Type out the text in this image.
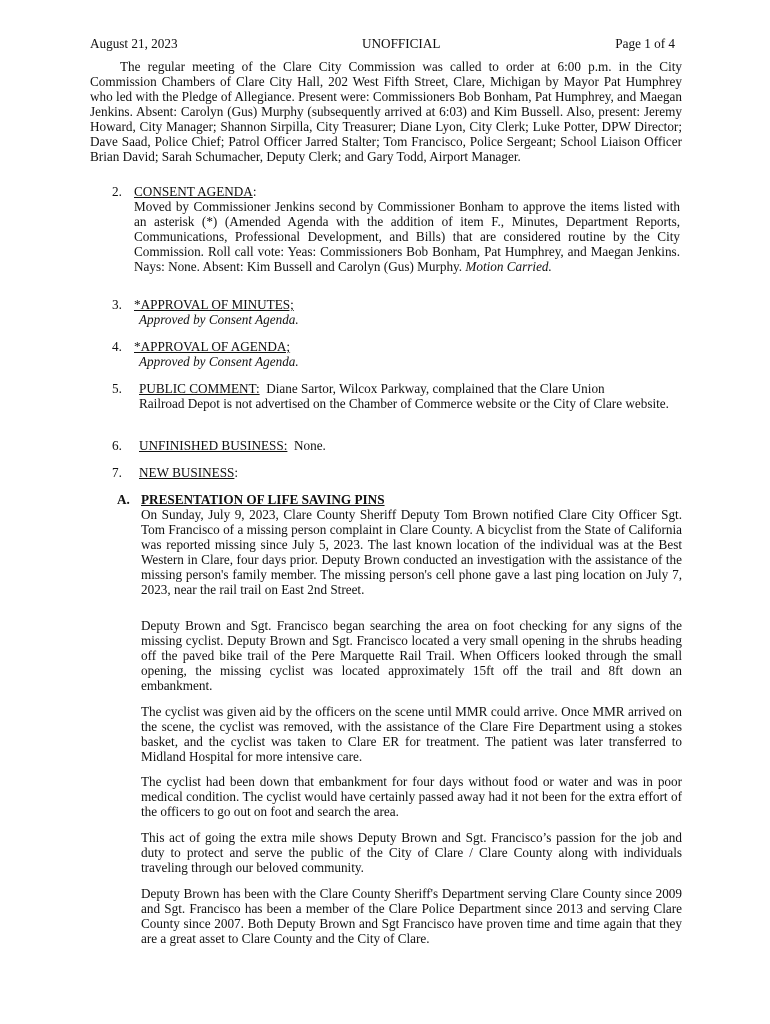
August 21, 2023	UNOFFICIAL	Page 1 of 4

The regular meeting of the Clare City Commission was called to order at 6:00 p.m. in the City Commission Chambers of Clare City Hall, 202 West Fifth Street, Clare, Michigan by Mayor Pat Humphrey who led with the Pledge of Allegiance. Present were: Commissioners Bob Bonham, Pat Humphrey, and Maegan Jenkins. Absent: Carolyn (Gus) Murphy (subsequently arrived at 6:03) and Kim Bussell. Also, present: Jeremy Howard, City Manager; Shannon Sirpilla, City Treasurer; Diane Lyon, City Clerk; Luke Potter, DPW Director; Dave Saad, Police Chief; Patrol Officer Jarred Stalter; Tom Francisco, Police Sergeant; School Liaison Officer Brian David; Sarah Schumacher, Deputy Clerk; and Gary Todd, Airport Manager.

2. CONSENT AGENDA:

Moved by Commissioner Jenkins second by Commissioner Bonham to approve the items listed with an asterisk (*) (Amended Agenda with the addition of item F., Minutes, Department Reports, Communications, Professional Development, and Bills) that are considered routine by the City Commission. Roll call vote: Yeas: Commissioners Bob Bonham, Pat Humphrey, and Maegan Jenkins. Nays: None. Absent: Kim Bussell and Carolyn (Gus) Murphy. Motion Carried.

3. *APPROVAL OF MINUTES;

Approved by Consent Agenda.

4. *APPROVAL OF AGENDA;

Approved by Consent Agenda.

5. PUBLIC COMMENT: Diane Sartor, Wilcox Parkway, complained that the Clare Union

Railroad Depot is not advertised on the Chamber of Commerce website or the City of Clare website.

6. UNFINISHED BUSINESS: None.
7. NEW BUSINESS:
A. PRESENTATION OF LIFE SAVING PINS

On Sunday, July 9, 2023, Clare County Sheriff Deputy Tom Brown notified Clare City Officer Sgt. Tom Francisco of a missing person complaint in Clare County. A bicyclist from the State of California was reported missing since July 5, 2023. The last known location of the individual was at the Best Western in Clare, four days prior. Deputy Brown conducted an investigation with the assistance of the missing person's family member. The missing person's cell phone gave a last ping location on July 7, 2023, near the rail trail on East 2nd Street.

Deputy Brown and Sgt. Francisco began searching the area on foot checking for any signs of the missing cyclist. Deputy Brown and Sgt. Francisco located a very small opening in the shrubs heading off the paved bike trail of the Pere Marquette Rail Trail. When Officers looked through the small opening, the missing cyclist was located approximately 15ft off the trail and 8ft down an embankment.

The cyclist was given aid by the officers on the scene until MMR could arrive. Once MMR arrived on the scene, the cyclist was removed, with the assistance of the Clare Fire Department using a stokes basket, and the cyclist was taken to Clare ER for treatment. The patient was later transferred to Midland Hospital for more intensive care.

The cyclist had been down that embankment for four days without food or water and was in poor medical condition. The cyclist would have certainly passed away had it not been for the extra effort of the officers to go out on foot and search the area.

This act of going the extra mile shows Deputy Brown and Sgt. Francisco’s passion for the job and duty to protect and serve the public of the City of Clare / Clare County along with individuals traveling through our beloved community.

Deputy Brown has been with the Clare County Sheriff's Department serving Clare County since 2009 and Sgt. Francisco has been a member of the Clare Police Department since 2013 and serving Clare County since 2007. Both Deputy Brown and Sgt Francisco have proven time and time again that they are a great asset to Clare County and the City of Clare.
